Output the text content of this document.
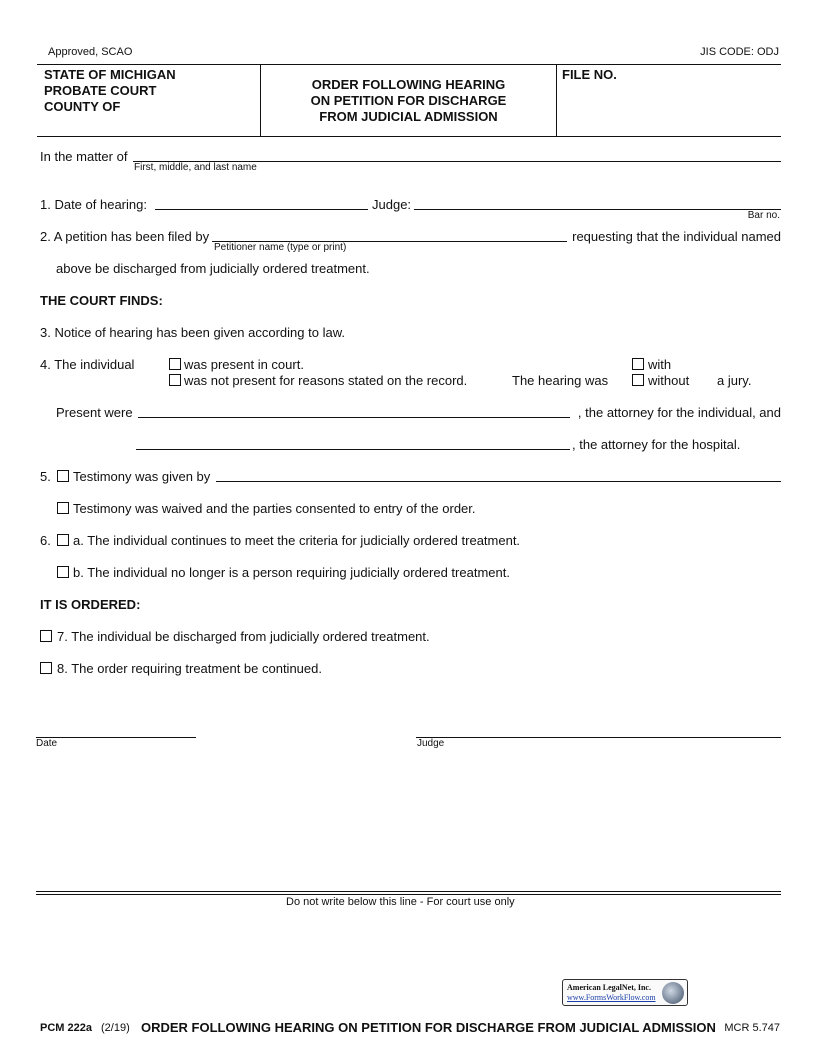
Approved, SCAO	JIS CODE: ODJ
STATE OF MICHIGAN
PROBATE COURT
COUNTY OF
ORDER FOLLOWING HEARING
ON PETITION FOR DISCHARGE
FROM JUDICIAL ADMISSION
FILE NO.
In the matter of
First, middle, and last name
1. Date of hearing:	Judge:
Bar no.
2. A petition has been filed by
Petitioner name (type or print)
requesting that the individual named
above be discharged from judicially ordered treatment.
THE COURT FINDS:
3. Notice of hearing has been given according to law.
4. The individual	was present in court.
was not present for reasons stated on the record.	The hearing was
with
without a jury.
Present were	, the attorney for the individual, and
, the attorney for the hospital.
5. Testimony was given by
Testimony was waived and the parties consented to entry of the order.
6. a. The individual continues to meet the criteria for judicially ordered treatment.
b. The individual no longer is a person requiring judicially ordered treatment.
IT IS ORDERED:
7. The individual be discharged from judicially ordered treatment.
8. The order requiring treatment be continued.
Date	Judge
Do not write below this line - For court use only
American LegalNet, Inc.
www.FormsWorkFlow.com
PCM 222a (2/19) ORDER FOLLOWING HEARING ON PETITION FOR DISCHARGE FROM JUDICIAL ADMISSION MCR 5.747
